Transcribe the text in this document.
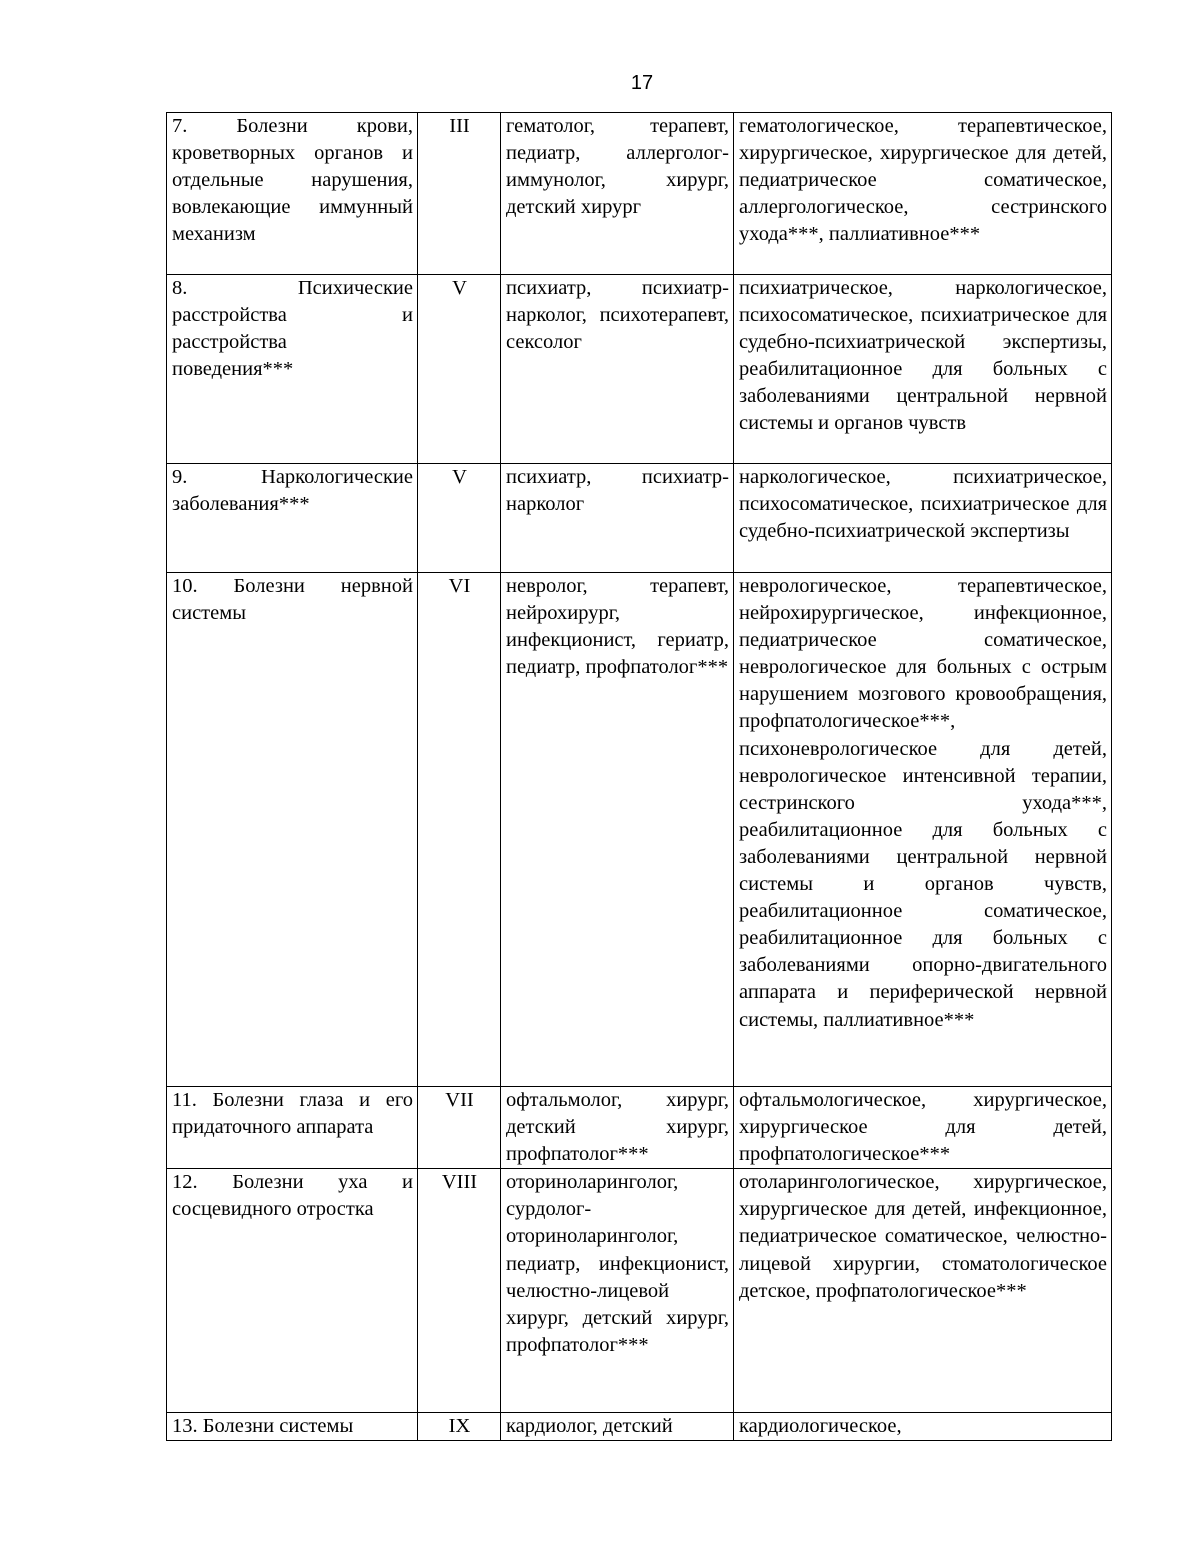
17
7. Болезни крови, кроветворных органов и отдельные нарушения, вовлекающие иммунный механизм	III	гематолог, терапевт, педиатр, аллерголог-иммунолог, хирург, детский хирург	гематологическое, терапевтическое, хирургическое, хирургическое для детей, педиатрическое соматическое, аллергологическое, сестринского ухода***, паллиативное***
8. Психические расстройства и расстройства поведения***	V	психиатр, психиатр-нарколог, психотерапевт, сексолог	психиатрическое, наркологическое, психосоматическое, психиатрическое для судебно-психиатрической экспертизы, реабилитационное для больных с заболеваниями центральной нервной системы и органов чувств
9. Наркологические заболевания***	V	психиатр, психиатр-нарколог	наркологическое, психиатрическое, психосоматическое, психиатрическое для судебно-психиатрической экспертизы
10. Болезни нервной системы	VI	невролог, терапевт, нейрохирург, инфекционист, гериатр, педиатр, профпатолог***	неврологическое, терапевтическое, нейрохирургическое, инфекционное, педиатрическое соматическое, неврологическое для больных с острым нарушением мозгового кровообращения, профпатологическое***, психоневрологическое для детей, неврологическое интенсивной терапии, сестринского ухода***, реабилитационное для больных с заболеваниями центральной нервной системы и органов чувств, реабилитационное соматическое, реабилитационное для больных с заболеваниями опорно-двигательного аппарата и периферической нервной системы, паллиативное***
11. Болезни глаза и его придаточного аппарата	VII	офтальмолог, хирург, детский хирург, профпатолог***	офтальмологическое, хирургическое, хирургическое для детей, профпатологическое***
12. Болезни уха и сосцевидного отростка	VIII	оториноларинголог, сурдолог-оториноларинголог, педиатр, инфекционист, челюстно-лицевой хирург, детский хирург, профпатолог***	отоларингологическое, хирургическое, хирургическое для детей, инфекционное, педиатрическое соматическое, челюстно-лицевой хирургии, стоматологическое детское, профпатологическое***
13. Болезни системы	IX	кардиолог, детский	кардиологическое,
